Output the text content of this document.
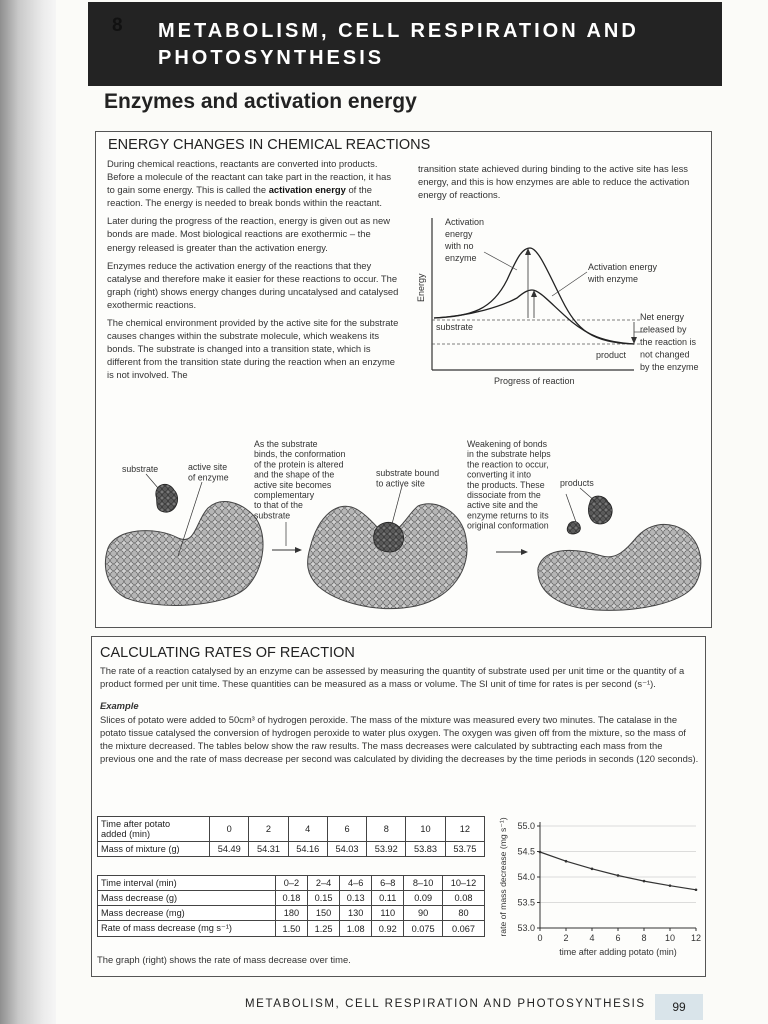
8 METABOLISM, CELL RESPIRATION AND PHOTOSYNTHESIS
Enzymes and activation energy
ENERGY CHANGES IN CHEMICAL REACTIONS

During chemical reactions, reactants are converted into products. Before a molecule of the reactant can take part in the reaction, it has to gain some energy. This is called the activation energy of the reaction. The energy is needed to break bonds within the reactant.

Later during the progress of the reaction, energy is given out as new bonds are made. Most biological reactions are exothermic – the energy released is greater than the activation energy.

Enzymes reduce the activation energy of the reactions that they catalyse and therefore make it easier for these reactions to occur. The graph (right) shows energy changes during uncatalysed and catalysed exothermic reactions.

The chemical environment provided by the active site for the substrate causes changes within the substrate molecule, which weakens its bonds. The substrate is changed into a transition state, which is different from the transition state during the reaction when an enzyme is not involved. The

transition state achieved during binding to the active site has less energy, and this is how enzymes are able to reduce the activation energy of reactions.
Energy
Activation
energy
with no
enzyme
Activation energy
with enzyme
substrate
product
Progress of reaction
Net energy
released by
the reaction is
not changed
by the enzyme
substrate	active site
of enzyme
As the substrate
binds, the conformation
of the protein is altered
and the shape of the
active site becomes
complementary
to that of the
substrate
substrate bound
to active site
Weakening of bonds
in the substrate helps
the reaction to occur,
converting it into
the products. These
dissociate from the
active site and the
enzyme returns to its
original conformation
products
CALCULATING RATES OF REACTION
The rate of a reaction catalysed by an enzyme can be assessed by measuring the quantity of substrate used per unit time or the quantity of a product formed per unit time. These quantities can be measured as a mass or volume. The SI unit of time for rates is per second (s⁻¹).
Example
Slices of potato were added to 50cm³ of hydrogen peroxide. The mass of the mixture was measured every two minutes. The catalase in the potato tissue catalysed the conversion of hydrogen peroxide to water plus oxygen. The oxygen was given off from the mixture, so the mass of the mixture decreased. The tables below show the raw results. The mass decreases were calculated by subtracting each mass from the previous one and the rate of mass decrease per second was calculated by dividing the decreases by the time periods in seconds (120 seconds).
Time after potato
added (min)	0	2	4	6	8	10	12
Mass of mixture (g)	54.49	54.31	54.16	54.03	53.92	53.83	53.75
Time interval (min)	0–2	2–4	4–6	6–8	8–10	10–12
Mass decrease (g)	0.18	0.15	0.13	0.11	0.09	0.08
Mass decrease (mg)	180	150	130	110	90	80
Rate of mass decrease (mg s⁻¹)	1.50	1.25	1.08	0.92	0.075	0.067
The graph (right) shows the rate of mass decrease over time.
53.0
53.5
54.0
54.5
55.0
0 2 4 6 8 10 12
time after adding potato (min)
rate of mass decrease (mg s⁻¹)
METABOLISM, CELL RESPIRATION AND PHOTOSYNTHESIS	99
